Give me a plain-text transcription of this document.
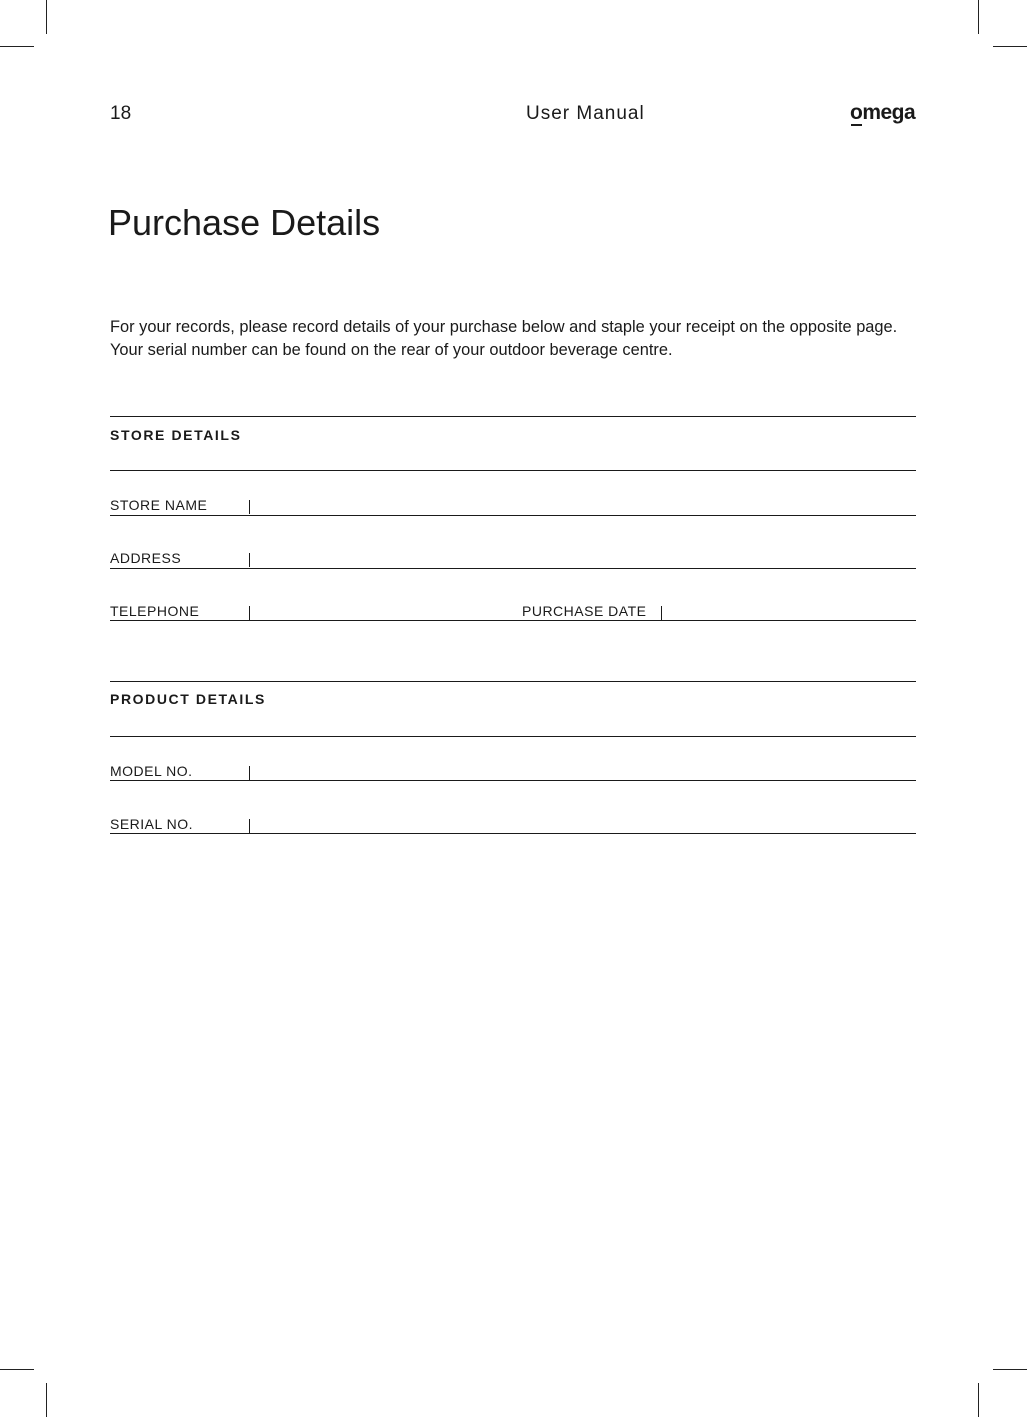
18	User Manual	omega
Purchase Details

For your records, please record details of your purchase below and staple your receipt on the opposite page. Your serial number can be found on the rear of your outdoor beverage centre.

STORE DETAILS
STORE NAME
ADDRESS
TELEPHONE	PURCHASE DATE
PRODUCT DETAILS
MODEL NO.
SERIAL NO.
